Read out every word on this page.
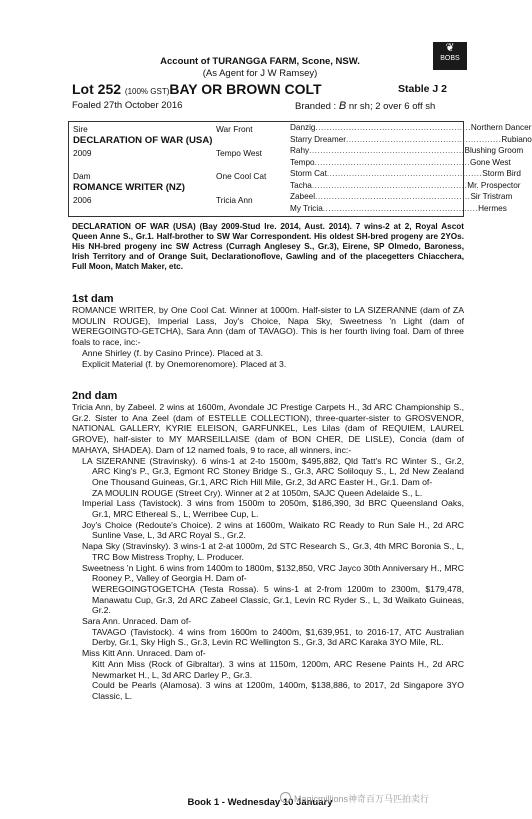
❦
BOBS
Account of TURANGGA FARM, Scone, NSW.
(As Agent for J W Ramsey)
Lot 252 (100% GST)BAY OR BROWN COLT	Stable J 2
Foaled 27th October 2016	Branded : B nr sh; 2 over 6 off sh
Sire	War Front
DECLARATION OF WAR (USA)
2009	Tempo West
Dam	One Cool Cat
ROMANCE WRITER (NZ)
2006	Tricia Ann
Danzig ........................................................ Northern Dancer
Starry Dreamer ........................................................ Rubiano
Rahy ........................................................ Blushing Groom
Tempo ........................................................ Gone West
Storm Cat ........................................................ Storm Bird
Tacha ........................................................ Mr. Prospector
Zabeel ........................................................ Sir Tristram
My Tricia ........................................................ Hermes
DECLARATION OF WAR (USA) (Bay 2009-Stud Ire. 2014, Aust. 2014). 7 wins-2 at 2, Royal Ascot Queen Anne S., Gr.1. Half-brother to SW War Correspondent. His oldest SH-bred progeny are 2YOs. His NH-bred progeny inc SW Actress (Curragh Anglesey S., Gr.3), Eirene, SP Olmedo, Baroness, Irish Territory and of Orange Suit, Declarationoflove, Gawling and of the placegetters Chiacchera, Full Moon, Match Maker, etc.
1st dam
ROMANCE WRITER, by One Cool Cat. Winner at 1000m. Half-sister to LA SIZERANNE (dam of ZA MOULIN ROUGE), Imperial Lass, Joy's Choice, Napa Sky, Sweetness 'n Light (dam of WEREGOINGTO-GETCHA), Sara Ann (dam of TAVAGO). This is her fourth living foal. Dam of three foals to race, inc:-
Anne Shirley (f. by Casino Prince). Placed at 3.
Explicit Material (f. by Onemorenomore). Placed at 3.
2nd dam
Tricia Ann, by Zabeel. 2 wins at 1600m, Avondale JC Prestige Carpets H., 3d ARC Championship S., Gr.2. Sister to Ana Zeel (dam of ESTELLE COLLECTION), three-quarter-sister to GROSVENOR, NATIONAL GALLERY, KYRIE ELEISON, GARFUNKEL, Les Lilas (dam of REQUIEM, LAUREL GROVE), half-sister to MY MARSEILLAISE (dam of BON CHER, DE LISLE), Concia (dam of MAHAYA, SHADEA). Dam of 12 named foals, 9 to race, all winners, inc:-
LA SIZERANNE (Stravinsky). 6 wins-1 at 2-to 1500m, $495,882, Qld Tatt's RC Winter S., Gr.2, ARC King's P., Gr.3, Egmont RC Stoney Bridge S., Gr.3, ARC Soliloquy S., L, 2d New Zealand One Thousand Guineas, Gr.1, ARC Rich Hill Mile, Gr.2, 3d ARC Easter H., Gr.1. Dam of-
ZA MOULIN ROUGE (Street Cry). Winner at 2 at 1050m, SAJC Queen Adelaide S., L.
Imperial Lass (Tavistock). 3 wins from 1500m to 2050m, $186,390, 3d BRC Queensland Oaks, Gr.1, MRC Ethereal S., L, Werribee Cup, L.
Joy's Choice (Redoute's Choice). 2 wins at 1600m, Waikato RC Ready to Run Sale H., 2d ARC Sunline Vase, L, 3d ARC Royal S., Gr.2.
Napa Sky (Stravinsky). 3 wins-1 at 2-at 1000m, 2d STC Research S., Gr.3, 4th MRC Boronia S., L, TRC Bow Mistress Trophy, L. Producer.
Sweetness 'n Light. 6 wins from 1400m to 1800m, $132,850, VRC Jayco 30th Anniversary H., MRC Rooney P., Valley of Georgia H. Dam of-
WEREGOINGTOGETCHA (Testa Rossa). 5 wins-1 at 2-from 1200m to 2300m, $179,478, Manawatu Cup, Gr.3, 2d ARC Zabeel Classic, Gr.1, Levin RC Ryder S., L, 3d Waikato Guineas, Gr.2.
Sara Ann. Unraced. Dam of-
TAVAGO (Tavistock). 4 wins from 1600m to 2400m, $1,639,951, to 2016-17, ATC Australian Derby, Gr.1, Sky High S., Gr.3, Levin RC Wellington S., Gr.3, 3d ARC Karaka 3YO Mile, RL.
Miss Kitt Ann. Unraced. Dam of-
Kitt Ann Miss (Rock of Gibraltar). 3 wins at 1150m, 1200m, ARC Resene Paints H., 2d ARC Newmarket H., L, 3d ARC Darley P., Gr.3.
Could be Pearls (Alamosa). 3 wins at 1200m, 1400m, $138,886, to 2017, 2d Singapore 3YO Classic, L.
Book 1 - Wednesday 10 January
Magicmillions神奇百万马匹拍卖行
